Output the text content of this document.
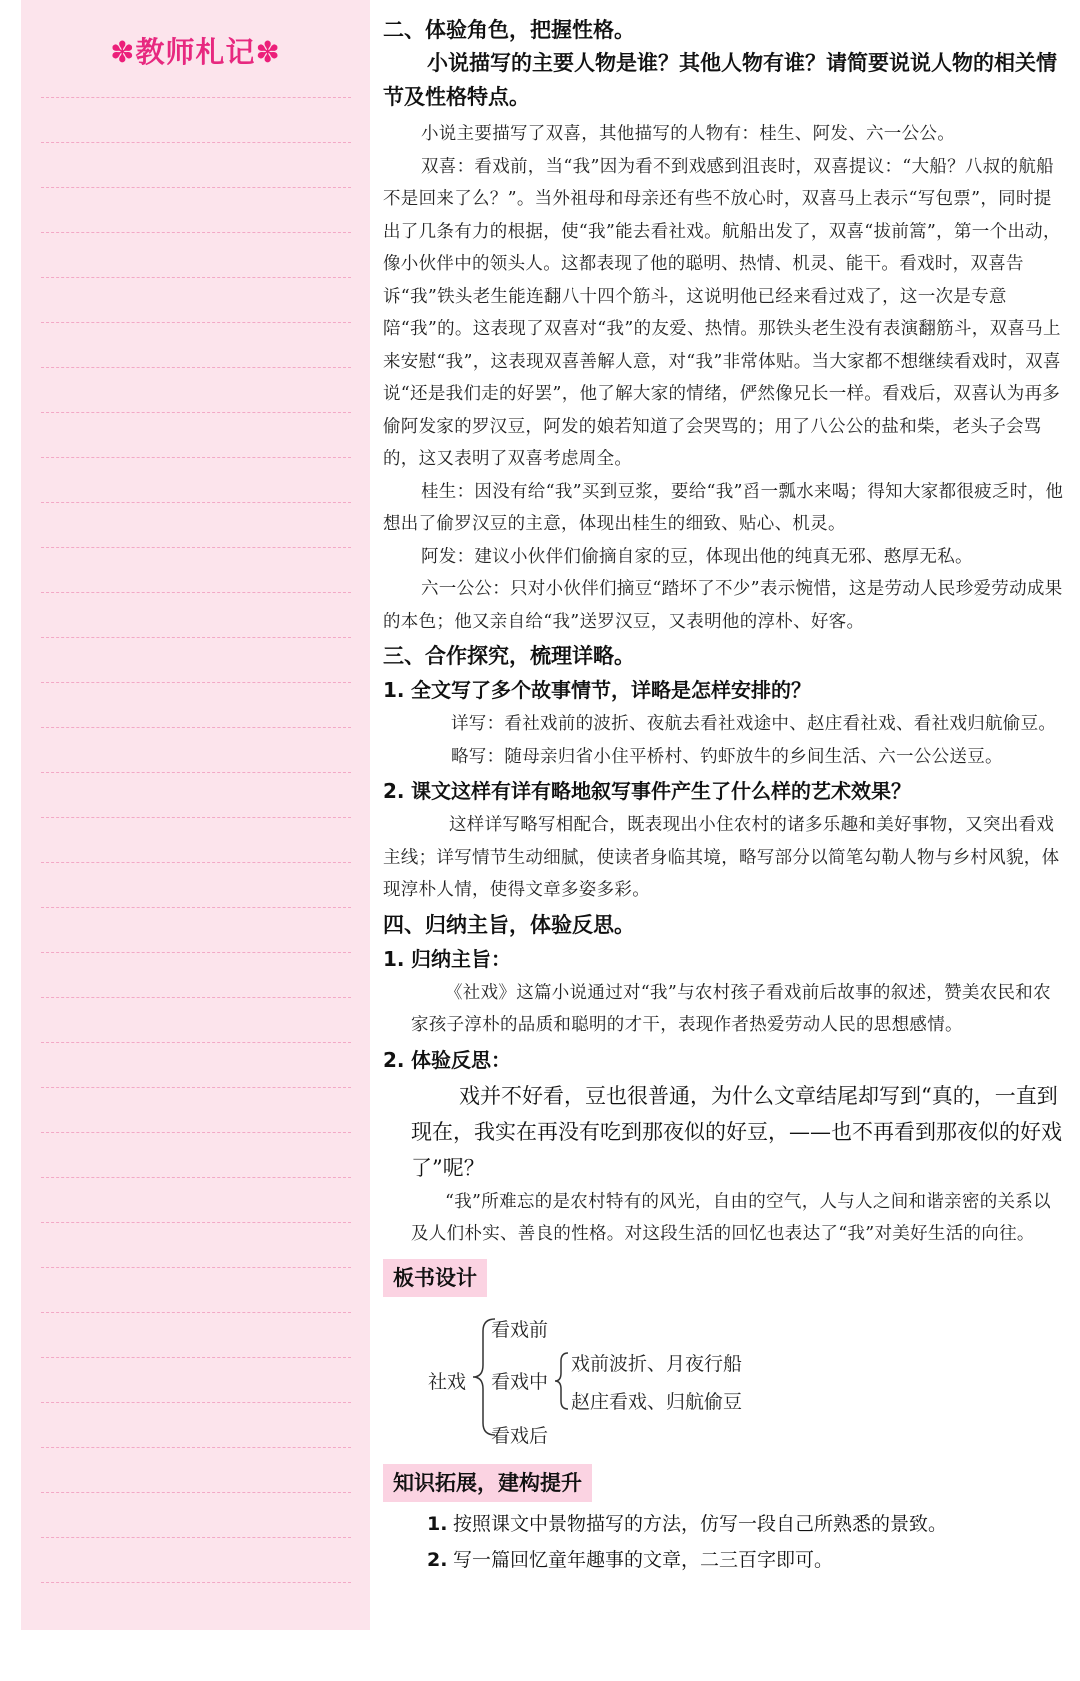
✽教师札记✽
5
二、体验角色，把握性格。
小说描写的主要人物是谁？其他人物有谁？请简要说说人物的相关情节及性格特点。

小说主要描写了双喜，其他描写的人物有：桂生、阿发、六一公公。

双喜：看戏前，当“我”因为看不到戏感到沮丧时，双喜提议：“大船？八叔的航船不是回来了么？”。当外祖母和母亲还有些不放心时，双喜马上表示“写包票”，同时提出了几条有力的根据，使“我”能去看社戏。航船出发了，双喜“拔前篙”，第一个出动，像小伙伴中的领头人。这都表现了他的聪明、热情、机灵、能干。看戏时，双喜告诉“我”铁头老生能连翻八十四个筋斗，这说明他已经来看过戏了，这一次是专意陪“我”的。这表现了双喜对“我”的友爱、热情。那铁头老生没有表演翻筋斗，双喜马上来安慰“我”，这表现双喜善解人意，对“我”非常体贴。当大家都不想继续看戏时，双喜说“还是我们走的好罢”，他了解大家的情绪，俨然像兄长一样。看戏后，双喜认为再多偷阿发家的罗汉豆，阿发的娘若知道了会哭骂的；用了八公公的盐和柴，老头子会骂的，这又表明了双喜考虑周全。

桂生：因没有给“我”买到豆浆，要给“我”舀一瓢水来喝；得知大家都很疲乏时，他想出了偷罗汉豆的主意，体现出桂生的细致、贴心、机灵。

阿发：建议小伙伴们偷摘自家的豆，体现出他的纯真无邪、憨厚无私。

六一公公：只对小伙伴们摘豆“踏坏了不少”表示惋惜，这是劳动人民珍爱劳动成果的本色；他又亲自给“我”送罗汉豆，又表明他的淳朴、好客。

三、合作探究，梳理详略。
1. 全文写了多个故事情节，详略是怎样安排的？

详写：看社戏前的波折、夜航去看社戏途中、赵庄看社戏、看社戏归航偷豆。

略写：随母亲归省小住平桥村、钓虾放牛的乡间生活、六一公公送豆。

2. 课文这样有详有略地叙写事件产生了什么样的艺术效果？

这样详写略写相配合，既表现出小住农村的诸多乐趣和美好事物，又突出看戏主线；详写情节生动细腻，使读者身临其境，略写部分以简笔勾勒人物与乡村风貌，体现淳朴人情，使得文章多姿多彩。

四、归纳主旨，体验反思。
1. 归纳主旨：

《社戏》这篇小说通过对“我”与农村孩子看戏前后故事的叙述，赞美农民和农家孩子淳朴的品质和聪明的才干，表现作者热爱劳动人民的思想感情。

2. 体验反思：
戏并不好看，豆也很普通，为什么文章结尾却写到“真的，一直到现在，我实在再没有吃到那夜似的好豆，——也不再看到那夜似的好戏了”呢？

“我”所难忘的是农村特有的风光，自由的空气，人与人之间和谐亲密的关系以及人们朴实、善良的性格。对这段生活的回忆也表达了“我”对美好生活的向往。

板书设计
社戏
看戏前
看戏中
戏前波折、月夜行船
赵庄看戏、归航偷豆
看戏后
知识拓展，建构提升
1. 按照课文中景物描写的方法，仿写一段自己所熟悉的景致。
2. 写一篇回忆童年趣事的文章，二三百字即可。
